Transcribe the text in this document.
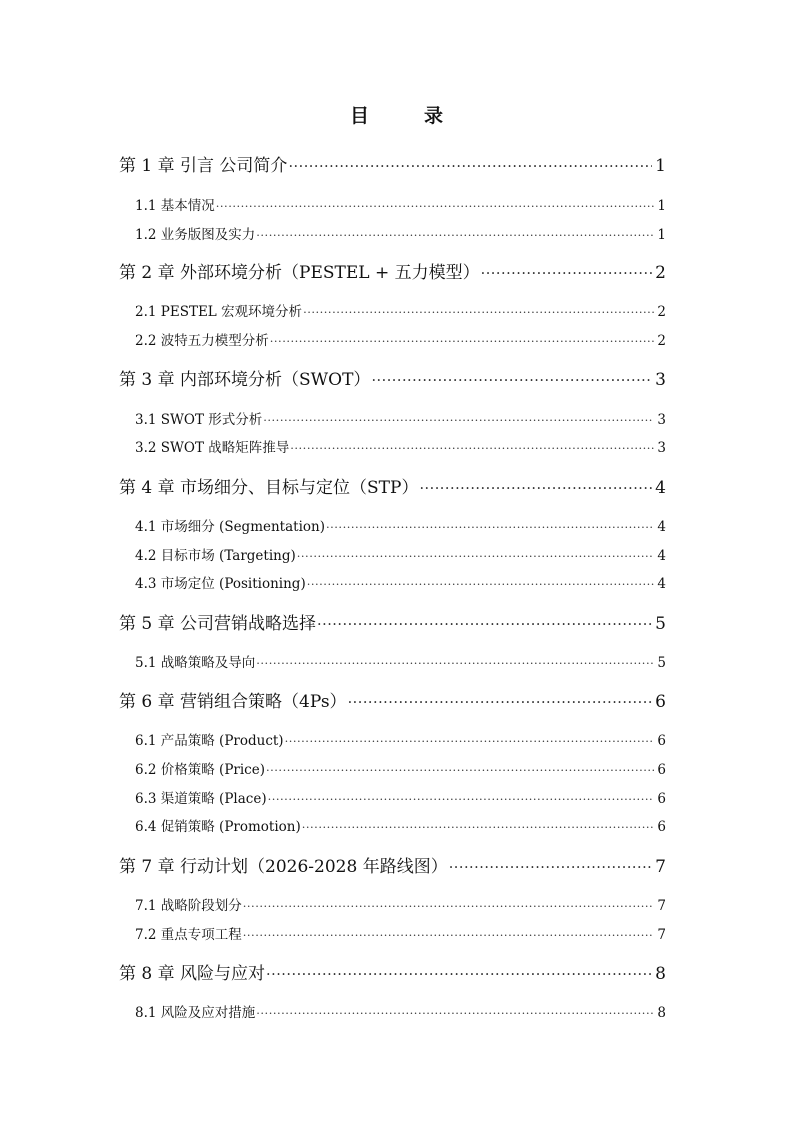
目　录
第 1 章 引言 公司简介 ·····	1
1.1 基本情况 ·····	1
1.2 业务版图及实力 ·····	1
第 2 章 外部环境分析（PESTEL + 五力模型） ·····	2
2.1 PESTEL 宏观环境分析 ·····	2
2.2 波特五力模型分析 ·····	2
第 3 章 内部环境分析（SWOT） ·····	3
3.1 SWOT 形式分析 ·····	3
3.2 SWOT 战略矩阵推导 ·····	3
第 4 章 市场细分、目标与定位（STP） ·····	4
4.1 市场细分 (Segmentation) ·····	4
4.2 目标市场 (Targeting) ·····	4
4.3 市场定位 (Positioning) ·····	4
第 5 章 公司营销战略选择 ·····	5
5.1 战略策略及导向 ·····	5
第 6 章 营销组合策略（4Ps） ·····	6
6.1 产品策略 (Product) ·····	6
6.2 价格策略 (Price) ·····	6
6.3 渠道策略 (Place) ·····	6
6.4 促销策略 (Promotion) ·····	6
第 7 章 行动计划（2026-2028 年路线图） ·····	7
7.1 战略阶段划分 ·····	7
7.2 重点专项工程 ·····	7
第 8 章 风险与应对 ·····	8
8.1 风险及应对措施 ·····	8
